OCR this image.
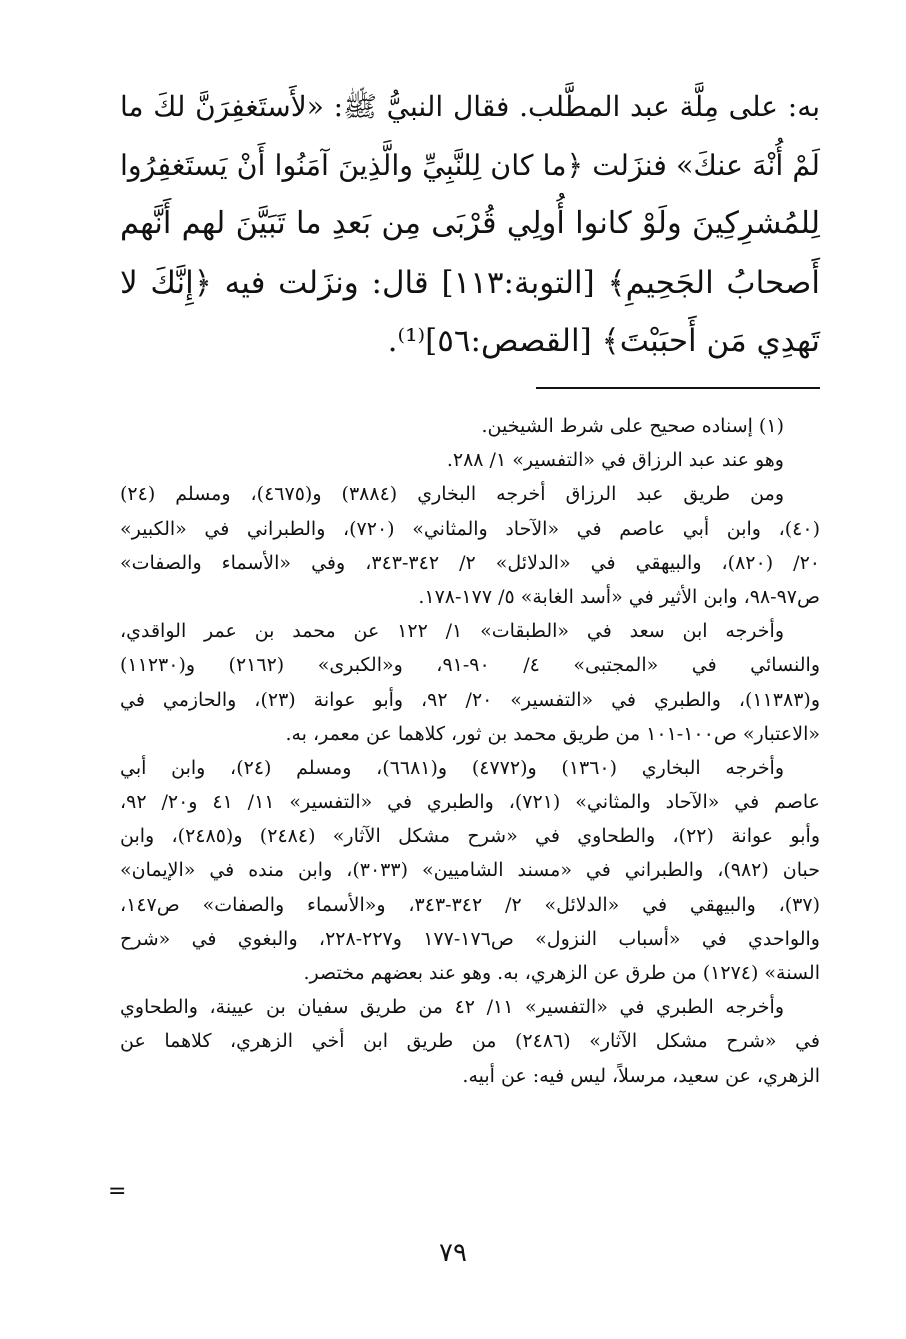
به: على مِلَّة عبد المطَّلب. فقال النبيُّ ﷺ: «لأَستَغفِرَنَّ لكَ ما
لَمْ أُنْهَ عنكَ» فنزَلت ﴿ما كان لِلنَّبِيِّ والَّذِينَ آمَنُوا أَنْ يَستَغفِرُوا
لِلمُشرِكِينَ ولَوْ كانوا أُولِي قُرْبَى مِن بَعدِ ما تَبَيَّنَ لهم أَنَّهم
أَصحابُ الجَحِيمِ﴾ [التوبة:١١٣] قال: ونزَلت فيه ﴿إِنَّكَ لا
تَهدِي مَن أَحبَبْتَ﴾ [القصص:٥٦]⁽¹⁾.
(١) إسناده صحيح على شرط الشيخين.
وهو عند عبد الرزاق في «التفسير» ١/ ٢٨٨.
ومن طريق عبد الرزاق أخرجه البخاري (٣٨٨٤) و(٤٦٧٥)، ومسلم (٢٤)
(٤٠)، وابن أبي عاصم في «الآحاد والمثاني» (٧٢٠)، والطبراني في «الكبير»
٢٠/ (٨٢٠)، والبيهقي في «الدلائل» ٢/ ٣٤٢-٣٤٣، وفي «الأسماء والصفات»
ص٩٧-٩٨، وابن الأثير في «أسد الغابة» ٥/ ١٧٧-١٧٨.
وأخرجه ابن سعد في «الطبقات» ١/ ١٢٢ عن محمد بن عمر الواقدي،
والنسائي في «المجتبى» ٤/ ٩٠-٩١، و«الكبرى» (٢١٦٢) و(١١٢٣٠)
و(١١٣٨٣)، والطبري في «التفسير» ٢٠/ ٩٢، وأبو عوانة (٢٣)، والحازمي في
«الاعتبار» ص١٠٠-١٠١ من طريق محمد بن ثور، كلاهما عن معمر، به.
وأخرجه البخاري (١٣٦٠) و(٤٧٧٢) و(٦٦٨١)، ومسلم (٢٤)، وابن أبي
عاصم في «الآحاد والمثاني» (٧٢١)، والطبري في «التفسير» ١١/ ٤١ و٢٠/ ٩٢،
وأبو عوانة (٢٢)، والطحاوي في «شرح مشكل الآثار» (٢٤٨٤) و(٢٤٨٥)، وابن
حبان (٩٨٢)، والطبراني في «مسند الشاميين» (٣٠٣٣)، وابن منده في «الإيمان»
(٣٧)، والبيهقي في «الدلائل» ٢/ ٣٤٢-٣٤٣، و«الأسماء والصفات» ص١٤٧،
والواحدي في «أسباب النزول» ص١٧٦-١٧٧ و٢٢٧-٢٢٨، والبغوي في «شرح
السنة» (١٢٧٤) من طرق عن الزهري، به. وهو عند بعضهم مختصر.
وأخرجه الطبري في «التفسير» ١١/ ٤٢ من طريق سفيان بن عيينة، والطحاوي
في «شرح مشكل الآثار» (٢٤٨٦) من طريق ابن أخي الزهري، كلاهما عن
الزهري، عن سعيد، مرسلاً، ليس فيه: عن أبيه.
=
٧٩
